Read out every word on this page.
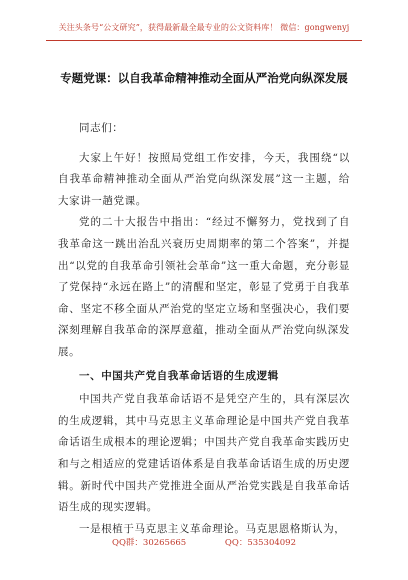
关注头条号“公文研究”，获得最新最全最专业的公文资料库！ 微信：gongwenyj
专题党课：以自我革命精神推动全面从严治党向纵深发展

同志们：

大家上午好！按照局党组工作安排，今天，我围绕“以自我革命精神推动全面从严治党向纵深发展”这一主题，给大家讲一趟党课。

党的二十大报告中指出：“经过不懈努力，党找到了自我革命这一跳出治乱兴衰历史周期率的第二个答案”，并提出“以党的自我革命引领社会革命”这一重大命题，充分彰显了党保持“永远在路上”的清醒和坚定，彰显了党勇于自我革命、坚定不移全面从严治党的坚定立场和坚强决心，我们要深刻理解自我革命的深厚意蕴，推动全面从严治党向纵深发展。

一、中国共产党自我革命话语的生成逻辑

中国共产党自我革命话语不是凭空产生的，具有深层次的生成逻辑，其中马克思主义革命理论是中国共产党自我革命话语生成根本的理论逻辑；中国共产党自我革命实践历史和与之相适应的党建话语体系是自我革命话语生成的历史逻辑。新时代中国共产党推进全面从严治党实践是自我革命话语生成的现实逻辑。

一是根植于马克思主义革命理论。马克思恩格斯认为，

QQ群：30265665	QQ：535304092
